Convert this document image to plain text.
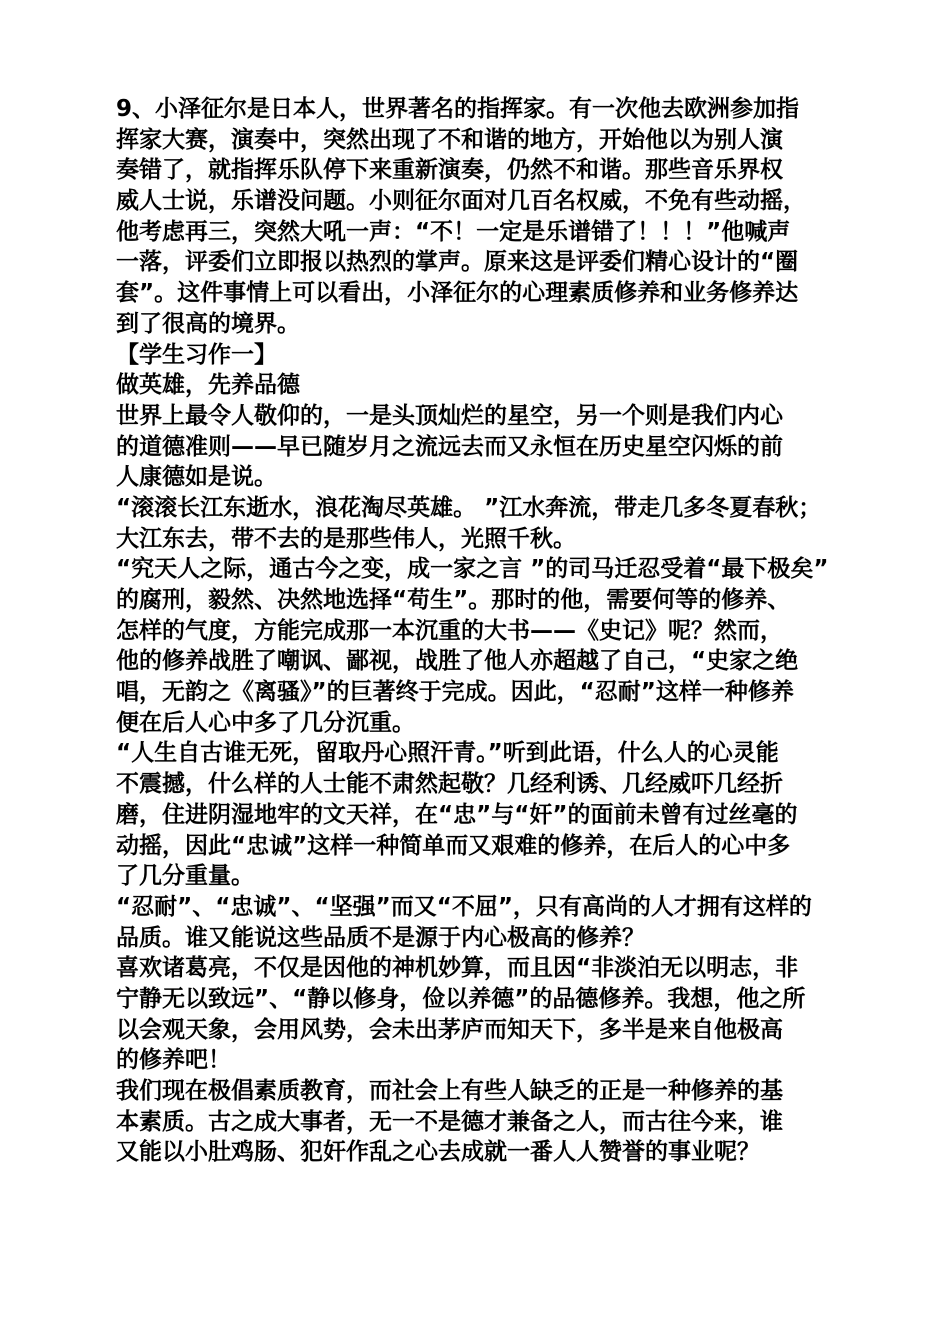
9、小泽征尔是日本人，世界著名的指挥家。有一次他去欧洲参加指
挥家大赛，演奏中，突然出现了不和谐的地方，开始他以为别人演
奏错了，就指挥乐队停下来重新演奏，仍然不和谐。那些音乐界权
威人士说，乐谱没问题。小则征尔面对几百名权威，不免有些动摇，
他考虑再三，突然大吼一声：“不！一定是乐谱错了！！！”他喊声
一落，评委们立即报以热烈的掌声。原来这是评委们精心设计的“圈
套”。这件事情上可以看出，小泽征尔的心理素质修养和业务修养达
到了很高的境界。
【学生习作一】
做英雄，先养品德
世界上最令人敬仰的，一是头顶灿烂的星空，另一个则是我们内心
的道德准则——早已随岁月之流远去而又永恒在历史星空闪烁的前
人康德如是说。
“滚滚长江东逝水，浪花淘尽英雄。 ”江水奔流，带走几多冬夏春秋；
大江东去，带不去的是那些伟人，光照千秋。
“究天人之际，通古今之变，成一家之言 ”的司马迁忍受着“最下极矣”
的腐刑，毅然、决然地选择“苟生”。那时的他，需要何等的修养、
怎样的气度，方能完成那一本沉重的大书——《史记》呢？然而，
他的修养战胜了嘲讽、鄙视，战胜了他人亦超越了自己，“史家之绝
唱，无韵之《离骚》”的巨著终于完成。因此，“忍耐”这样一种修养
便在后人心中多了几分沉重。
“人生自古谁无死，留取丹心照汗青。”听到此语，什么人的心灵能
不震撼，什么样的人士能不肃然起敬？几经利诱、几经威吓几经折
磨，住进阴湿地牢的文天祥，在“忠”与“奸”的面前未曾有过丝毫的
动摇，因此“忠诚”这样一种简单而又艰难的修养，在后人的心中多
了几分重量。
“忍耐”、“忠诚”、“坚强”而又“不屈”，只有高尚的人才拥有这样的
品质。谁又能说这些品质不是源于内心极高的修养？
喜欢诸葛亮，不仅是因他的神机妙算，而且因“非淡泊无以明志，非
宁静无以致远”、“静以修身，俭以养德”的品德修养。我想，他之所
以会观天象，会用风势，会未出茅庐而知天下，多半是来自他极高
的修养吧！
我们现在极倡素质教育，而社会上有些人缺乏的正是一种修养的基
本素质。古之成大事者，无一不是德才兼备之人，而古往今来，谁
又能以小肚鸡肠、犯奸作乱之心去成就一番人人赞誉的事业呢？
